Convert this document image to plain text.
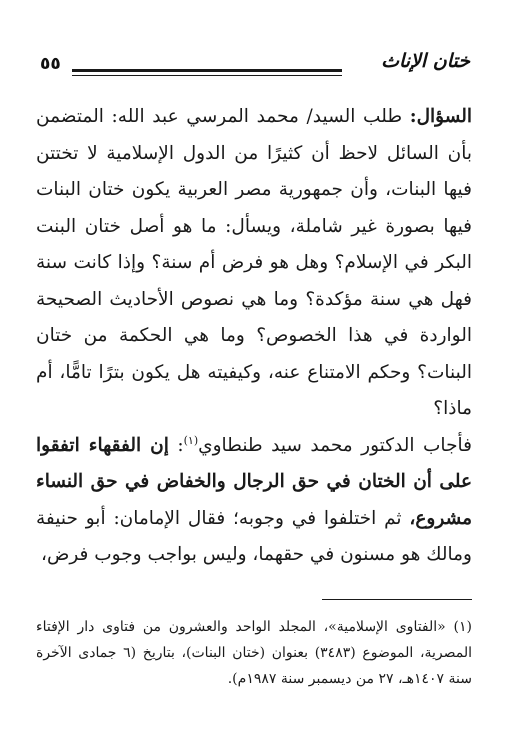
ختان الإناث
٥٥

السؤال: طلب السيد/ محمد المرسي عبد الله: المتضمن بأن السائل لاحظ أن كثيرًا من الدول الإسلامية لا تختتن فيها البنات، وأن جمهورية مصر العربية يكون ختان البنات فيها بصورة غير شاملة، ويسأل: ما هو أصل ختان البنت البكر في الإسلام؟ وهل هو فرض أم سنة؟ وإذا كانت سنة فهل هي سنة مؤكدة؟ وما هي نصوص الأحاديث الصحيحة الواردة في هذا الخصوص؟ وما هي الحكمة من ختان البنات؟ وحكم الامتناع عنه، وكيفيته هل يكون بترًا تامًّا، أم ماذا؟

فأجاب الدكتور محمد سيد طنطاوي$^{(١)}$: إن الفقهاء اتفقوا على أن الختان في حق الرجال والخفاض في حق النساء مشروع، ثم اختلفوا في وجوبه؛ فقال الإمامان: أبو حنيفة ومالك هو مسنون في حقهما، وليس بواجب وجوب فرض،

(١) «الفتاوى الإسلامية»، المجلد الواحد والعشرون من فتاوى دار الإفتاء المصرية، الموضوع (٣٤٨٣) بعنوان (ختان البنات)، بتاريخ (٦ جمادى الآخرة سنة ١٤٠٧هـ، ٢٧ من ديسمبر سنة ١٩٨٧م).
